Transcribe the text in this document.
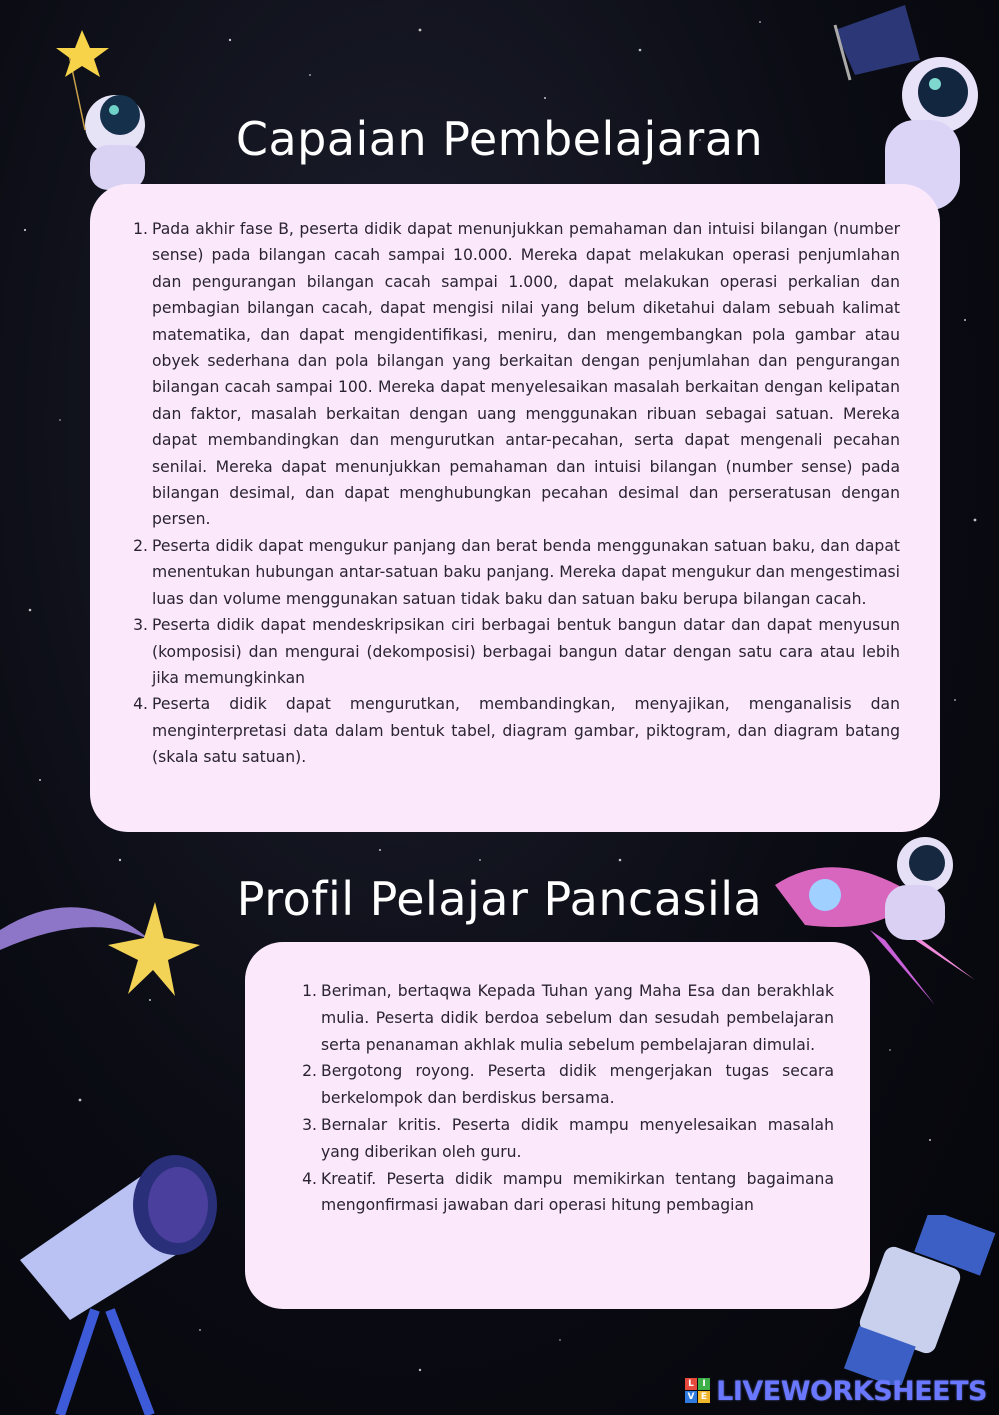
Capaian Pembelajaran
1. Pada akhir fase B, peserta didik dapat menunjukkan pemahaman dan intuisi bilangan (number sense) pada bilangan cacah sampai 10.000. Mereka dapat melakukan operasi penjumlahan dan pengurangan bilangan cacah sampai 1.000, dapat melakukan operasi perkalian dan pembagian bilangan cacah, dapat mengisi nilai yang belum diketahui dalam sebuah kalimat matematika, dan dapat mengidentifikasi, meniru, dan mengembangkan pola gambar atau obyek sederhana dan pola bilangan yang berkaitan dengan penjumlahan dan pengurangan bilangan cacah sampai 100. Mereka dapat menyelesaikan masalah berkaitan dengan kelipatan dan faktor, masalah berkaitan dengan uang menggunakan ribuan sebagai satuan. Mereka dapat membandingkan dan mengurutkan antar-pecahan, serta dapat mengenali pecahan senilai. Mereka dapat menunjukkan pemahaman dan intuisi bilangan (number sense) pada bilangan desimal, dan dapat menghubungkan pecahan desimal dan perseratusan dengan persen.
2. Peserta didik dapat mengukur panjang dan berat benda menggunakan satuan baku, dan dapat menentukan hubungan antar-satuan baku panjang. Mereka dapat mengukur dan mengestimasi luas dan volume menggunakan satuan tidak baku dan satuan baku berupa bilangan cacah.
3. Peserta didik dapat mendeskripsikan ciri berbagai bentuk bangun datar dan dapat menyusun (komposisi) dan mengurai (dekomposisi) berbagai bangun datar dengan satu cara atau lebih jika memungkinkan
4. Peserta didik dapat mengurutkan, membandingkan, menyajikan, menganalisis dan menginterpretasi data dalam bentuk tabel, diagram gambar, piktogram, dan diagram batang (skala satu satuan).
Profil Pelajar Pancasila
1. Beriman, bertaqwa Kepada Tuhan yang Maha Esa dan berakhlak mulia. Peserta didik berdoa sebelum dan sesudah pembelajaran serta penanaman akhlak mulia sebelum pembelajaran dimulai.
2. Bergotong royong. Peserta didik mengerjakan tugas secara berkelompok dan berdiskus bersama.
3. Bernalar kritis. Peserta didik mampu menyelesaikan masalah yang diberikan oleh guru.
4. Kreatif. Peserta didik mampu memikirkan tentang bagaimana mengonfirmasi jawaban dari operasi hitung pembagian
L I
V E LIVEWORKSHEETS
